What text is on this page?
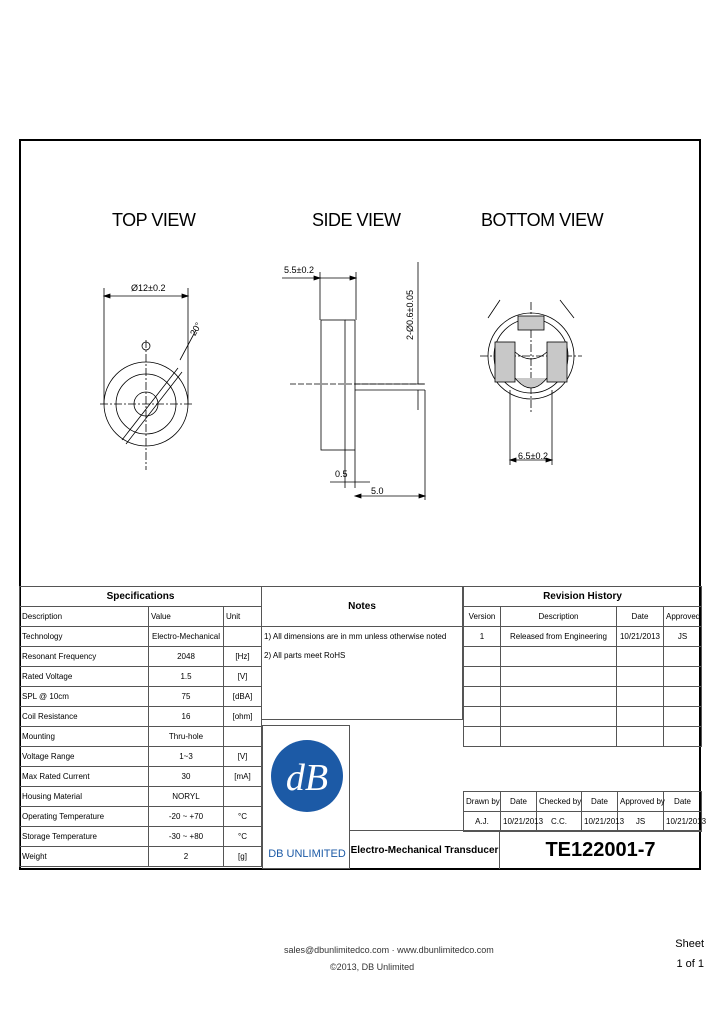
TOP VIEW	SIDE VIEW	BOTTOM VIEW
Ø12±0.2
20°
5.5±0.2
2-Ø0.6±0.05
0.5
5.0
6.5±0.2
Specifications		
Description	Value	Unit
Technology	Electro-Mechanical	
Resonant Frequency	2048	[Hz]
Rated Voltage	1.5	[V]
SPL @ 10cm	75	[dBA]
Coil Resistance	16	[ohm]
Mounting	Thru-hole	
Voltage Range	1~3	[V]
Max Rated Current	30	[mA]
Housing Material	NORYL	
Operating Temperature	-20 ~ +70	°C
Storage Temperature	-30 ~ +80	°C
Weight	2	[g]
Notes

1) All dimensions are in mm unless otherwise noted
2) All parts meet RoHS
dB
DB UNLIMITED
Revision History			
Version	Description	Date	Approved
1	Released from Engineering	10/21/2013	JS

Drawn by	Date	Checked by	Date	Approved by	Date
A.J.	10/21/2013	C.C.	10/21/2013	JS	10/21/2013
Electro-Mechanical Transducer	TE122001-7
sales@dbunlimitedco.com · www.dbunlimitedco.com
©2013, DB Unlimited
Sheet
1 of 1
